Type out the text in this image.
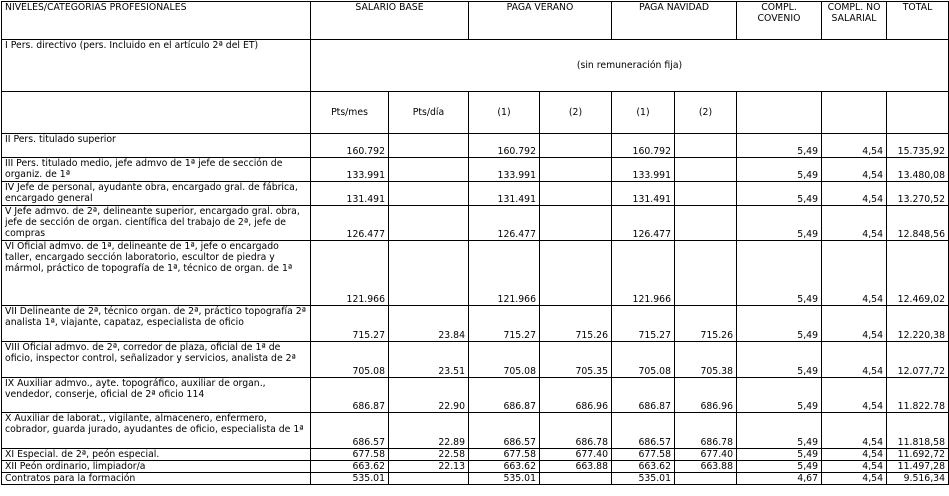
NIVELES/CATEGORIAS PROFESIONALES	SALARIO BASE		PAGA VERANO		PAGA NAVIDAD		COMPL. COVENIO	COMPL. NO SALARIAL	TOTAL
I Pers. directivo (pers. Incluido en el artículo 2ª del ET)	(sin remuneración fija)								
	Pts/mes	Pts/día	(1)	(2)	(1)	(2)			
II Pers. titulado superior	160.792		160.792		160.792		5,49	4,54	15.735,92
III Pers. titulado medio, jefe admvo de 1ª jefe de sección de organiz. de 1ª	133.991		133.991		133.991		5,49	4,54	13.480,08
IV Jefe de personal, ayudante obra, encargado gral. de fábrica, encargado general	131.491		131.491		131.491		5,49	4,54	13.270,52
V Jefe admvo. de 2ª, delineante superior, encargado gral. obra, jefe de sección de organ. científica del trabajo de 2ª, jefe de compras	126.477		126.477		126.477		5,49	4,54	12.848,56
VI Oficial admvo. de 1ª, delineante de 1ª, jefe o encargado taller, encargado sección laboratorio, escultor de piedra y mármol, práctico de topografía de 1ª, técnico de organ. de 1ª	121.966		121.966		121.966		5,49	4,54	12.469,02
VII Delineante de 2ª, técnico organ. de 2ª, práctico topografía 2ª analista 1ª, viajante, capataz, especialista de oficio	715.27	23.84	715.27	715.26	715.27	715.26	5,49	4,54	12.220,38
VIII Oficial admvo. de 2ª, corredor de plaza, oficial de 1ª de oficio, inspector control, señalizador y servicios, analista de 2ª	705.08	23.51	705.08	705.35	705.08	705.38	5,49	4,54	12.077,72
IX Auxiliar admvo., ayte. topográfico, auxiliar de organ., vendedor, conserje, oficial de 2ª oficio 114	686.87	22.90	686.87	686.96	686.87	686.96	5,49	4,54	11.822.78
X Auxiliar de laborat., vigilante, almacenero, enfermero, cobrador, guarda jurado, ayudantes de oficio, especialista de 1ª	686.57	22.89	686.57	686.78	686.57	686.78	5,49	4,54	11.818,58
XI Especial. de 2ª, peón especial.	677.58	22.58	677.58	677.40	677.58	677.40	5,49	4,54	11.692,72
XII Peón ordinario, limpiador/a	663.62	22.13	663.62	663.88	663.62	663.88	5,49	4,54	11.497,28
Contratos para la formación	535.01		535.01		535.01		4,67	4,54	9.516,34
